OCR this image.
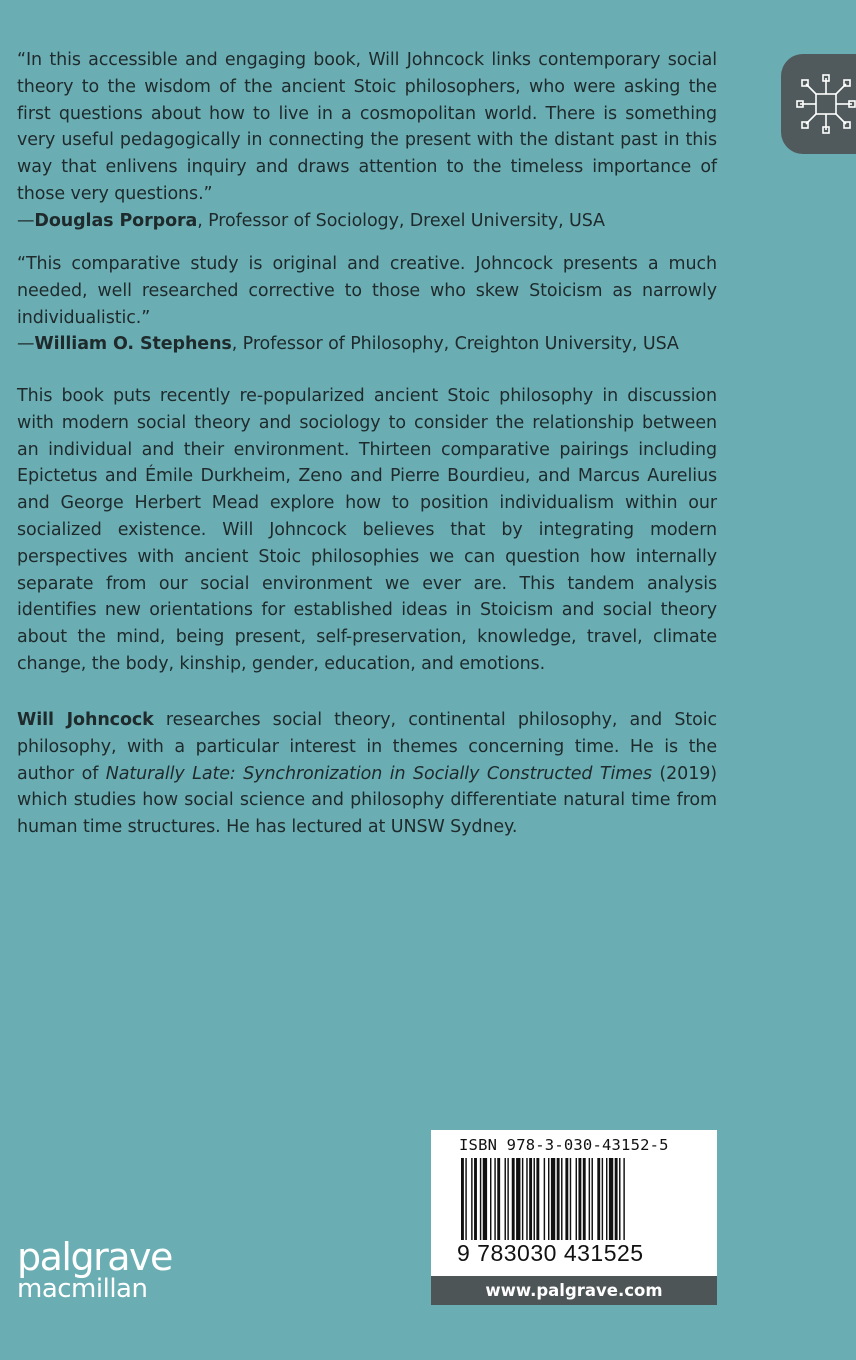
“In this accessible and engaging book, Will Johncock links contemporary social theory to the wisdom of the ancient Stoic philosophers, who were asking the first questions about how to live in a cosmopolitan world. There is something very useful pedagogically in connecting the present with the distant past in this way that enlivens inquiry and draws attention to the timeless importance of those very questions.”

—Douglas Porpora, Professor of Sociology, Drexel University, USA

“This comparative study is original and creative. Johncock presents a much needed, well researched corrective to those who skew Stoicism as narrowly individualistic.”

—William O. Stephens, Professor of Philosophy, Creighton University, USA

This book puts recently re-popularized ancient Stoic philosophy in discussion with modern social theory and sociology to consider the relationship between an individual and their environment. Thirteen comparative pairings including Epictetus and Émile Durkheim, Zeno and Pierre Bourdieu, and Marcus Aurelius and George Herbert Mead explore how to position individualism within our socialized existence. Will Johncock believes that by integrating modern perspectives with ancient Stoic philosophies we can question how internally separate from our social environment we ever are. This tandem analysis identifies new orientations for established ideas in Stoicism and social theory about the mind, being present, self-preservation, knowledge, travel, climate change, the body, kinship, gender, education, and emotions.

Will Johncock researches social theory, continental philosophy, and Stoic philosophy, with a particular interest in themes concerning time. He is the author of Naturally Late: Synchronization in Socially Constructed Times (2019) which studies how social science and philosophy differentiate natural time from human time structures. He has lectured at UNSW Sydney.

palgrave
macmillan
ISBN 978-3-030-43152-5
9 783030 431525
www.palgrave.com
